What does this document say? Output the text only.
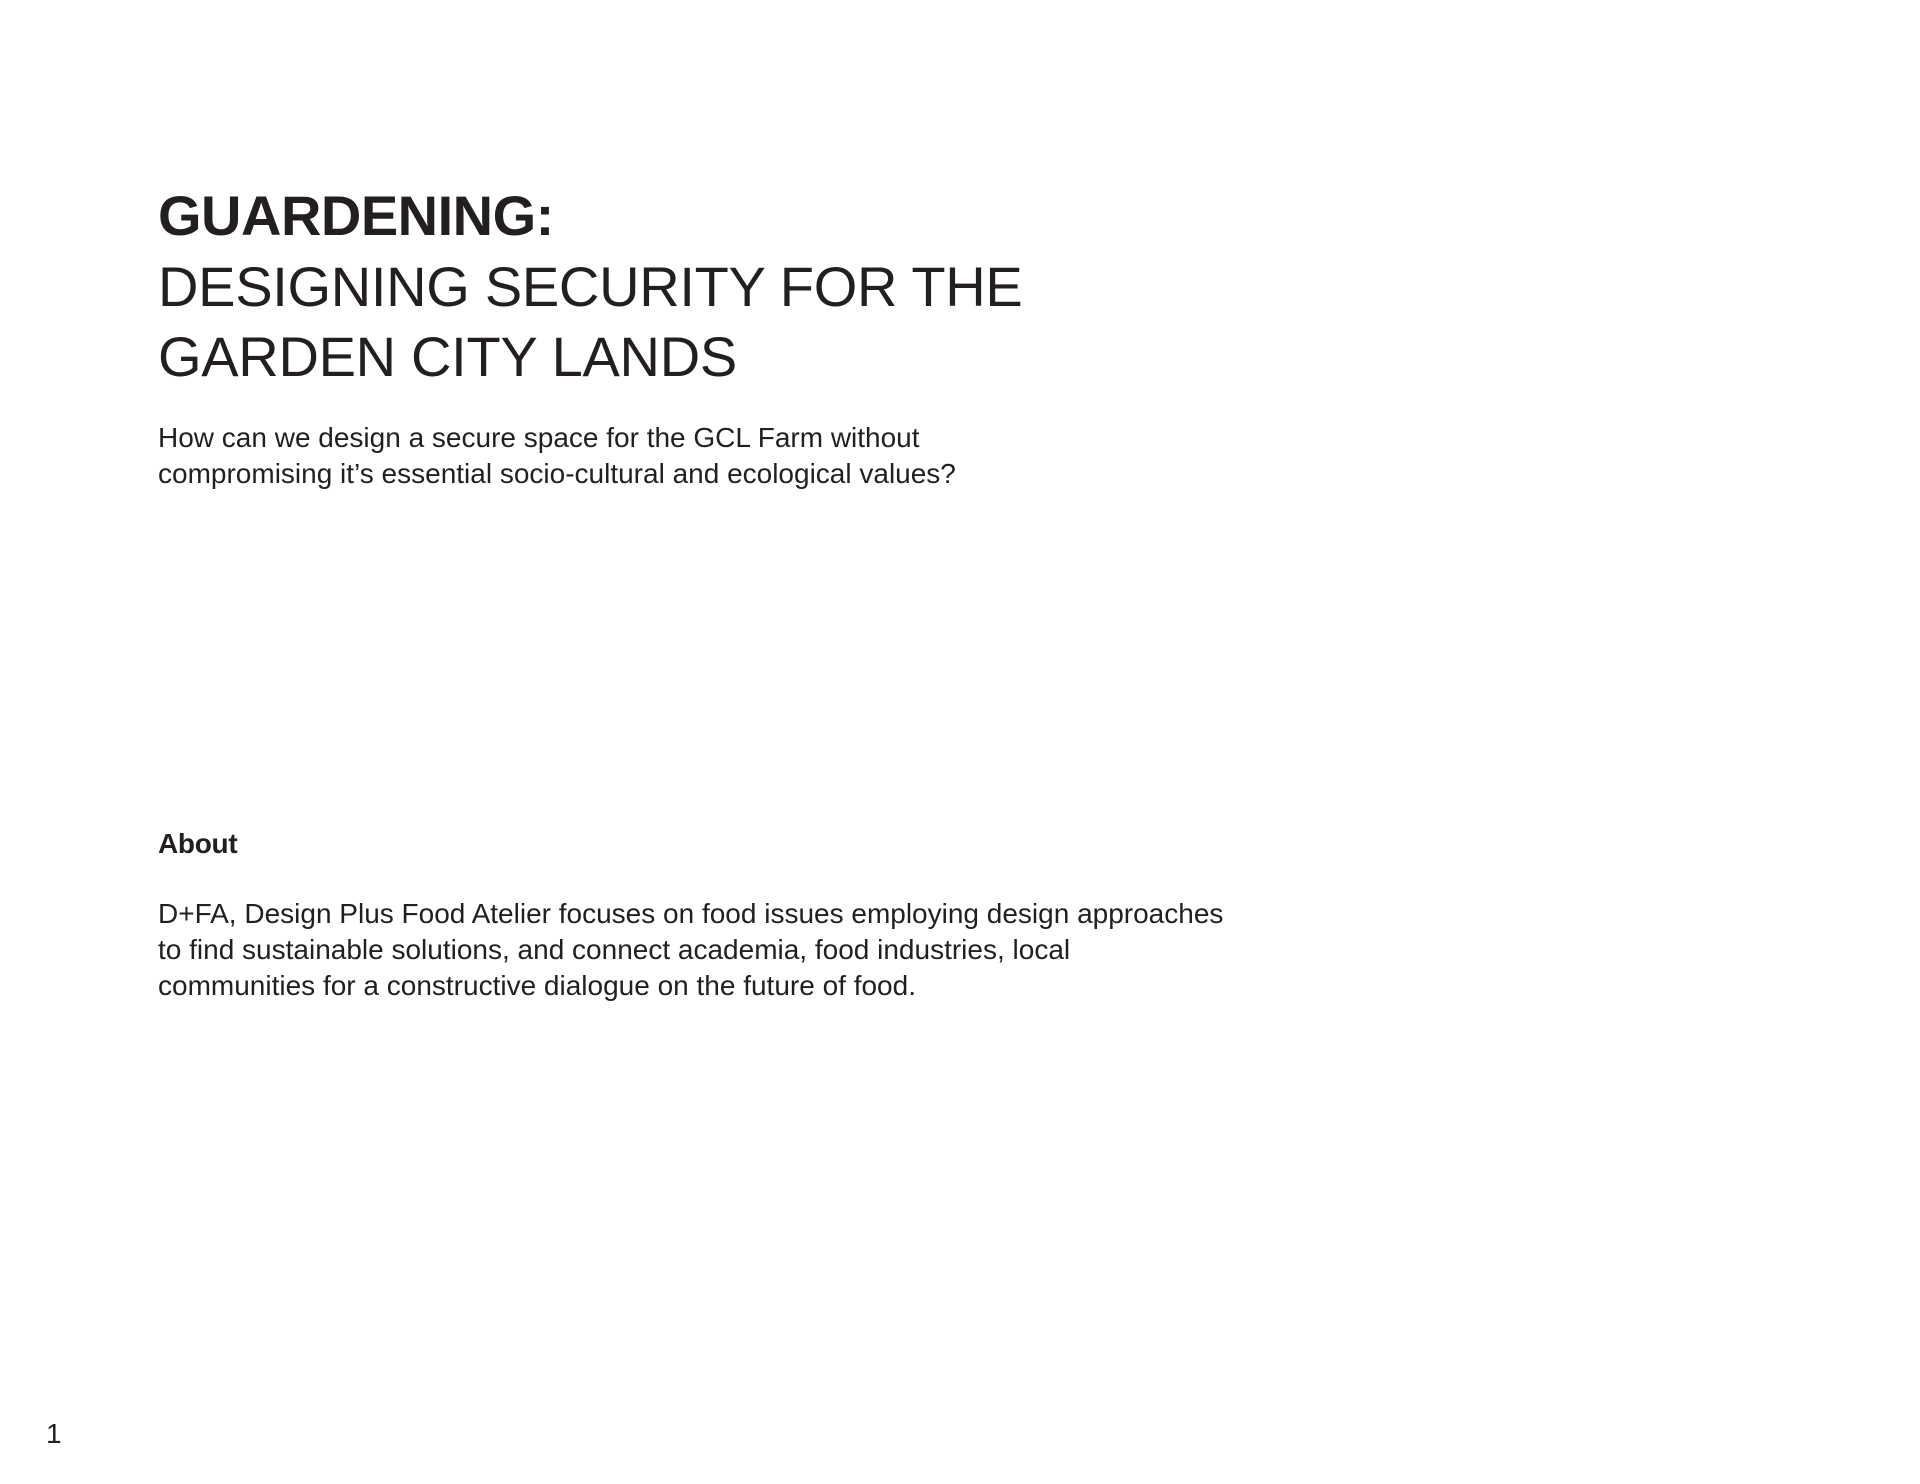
GUARDENING:
DESIGNING SECURITY FOR THE
GARDEN CITY LANDS

How can we design a secure space for the GCL Farm without
compromising it’s essential socio-cultural and ecological values?

About

D+FA, Design Plus Food Atelier focuses on food issues employing design approaches
to find sustainable solutions, and connect academia, food industries, local
communities for a constructive dialogue on the future of food.

1
